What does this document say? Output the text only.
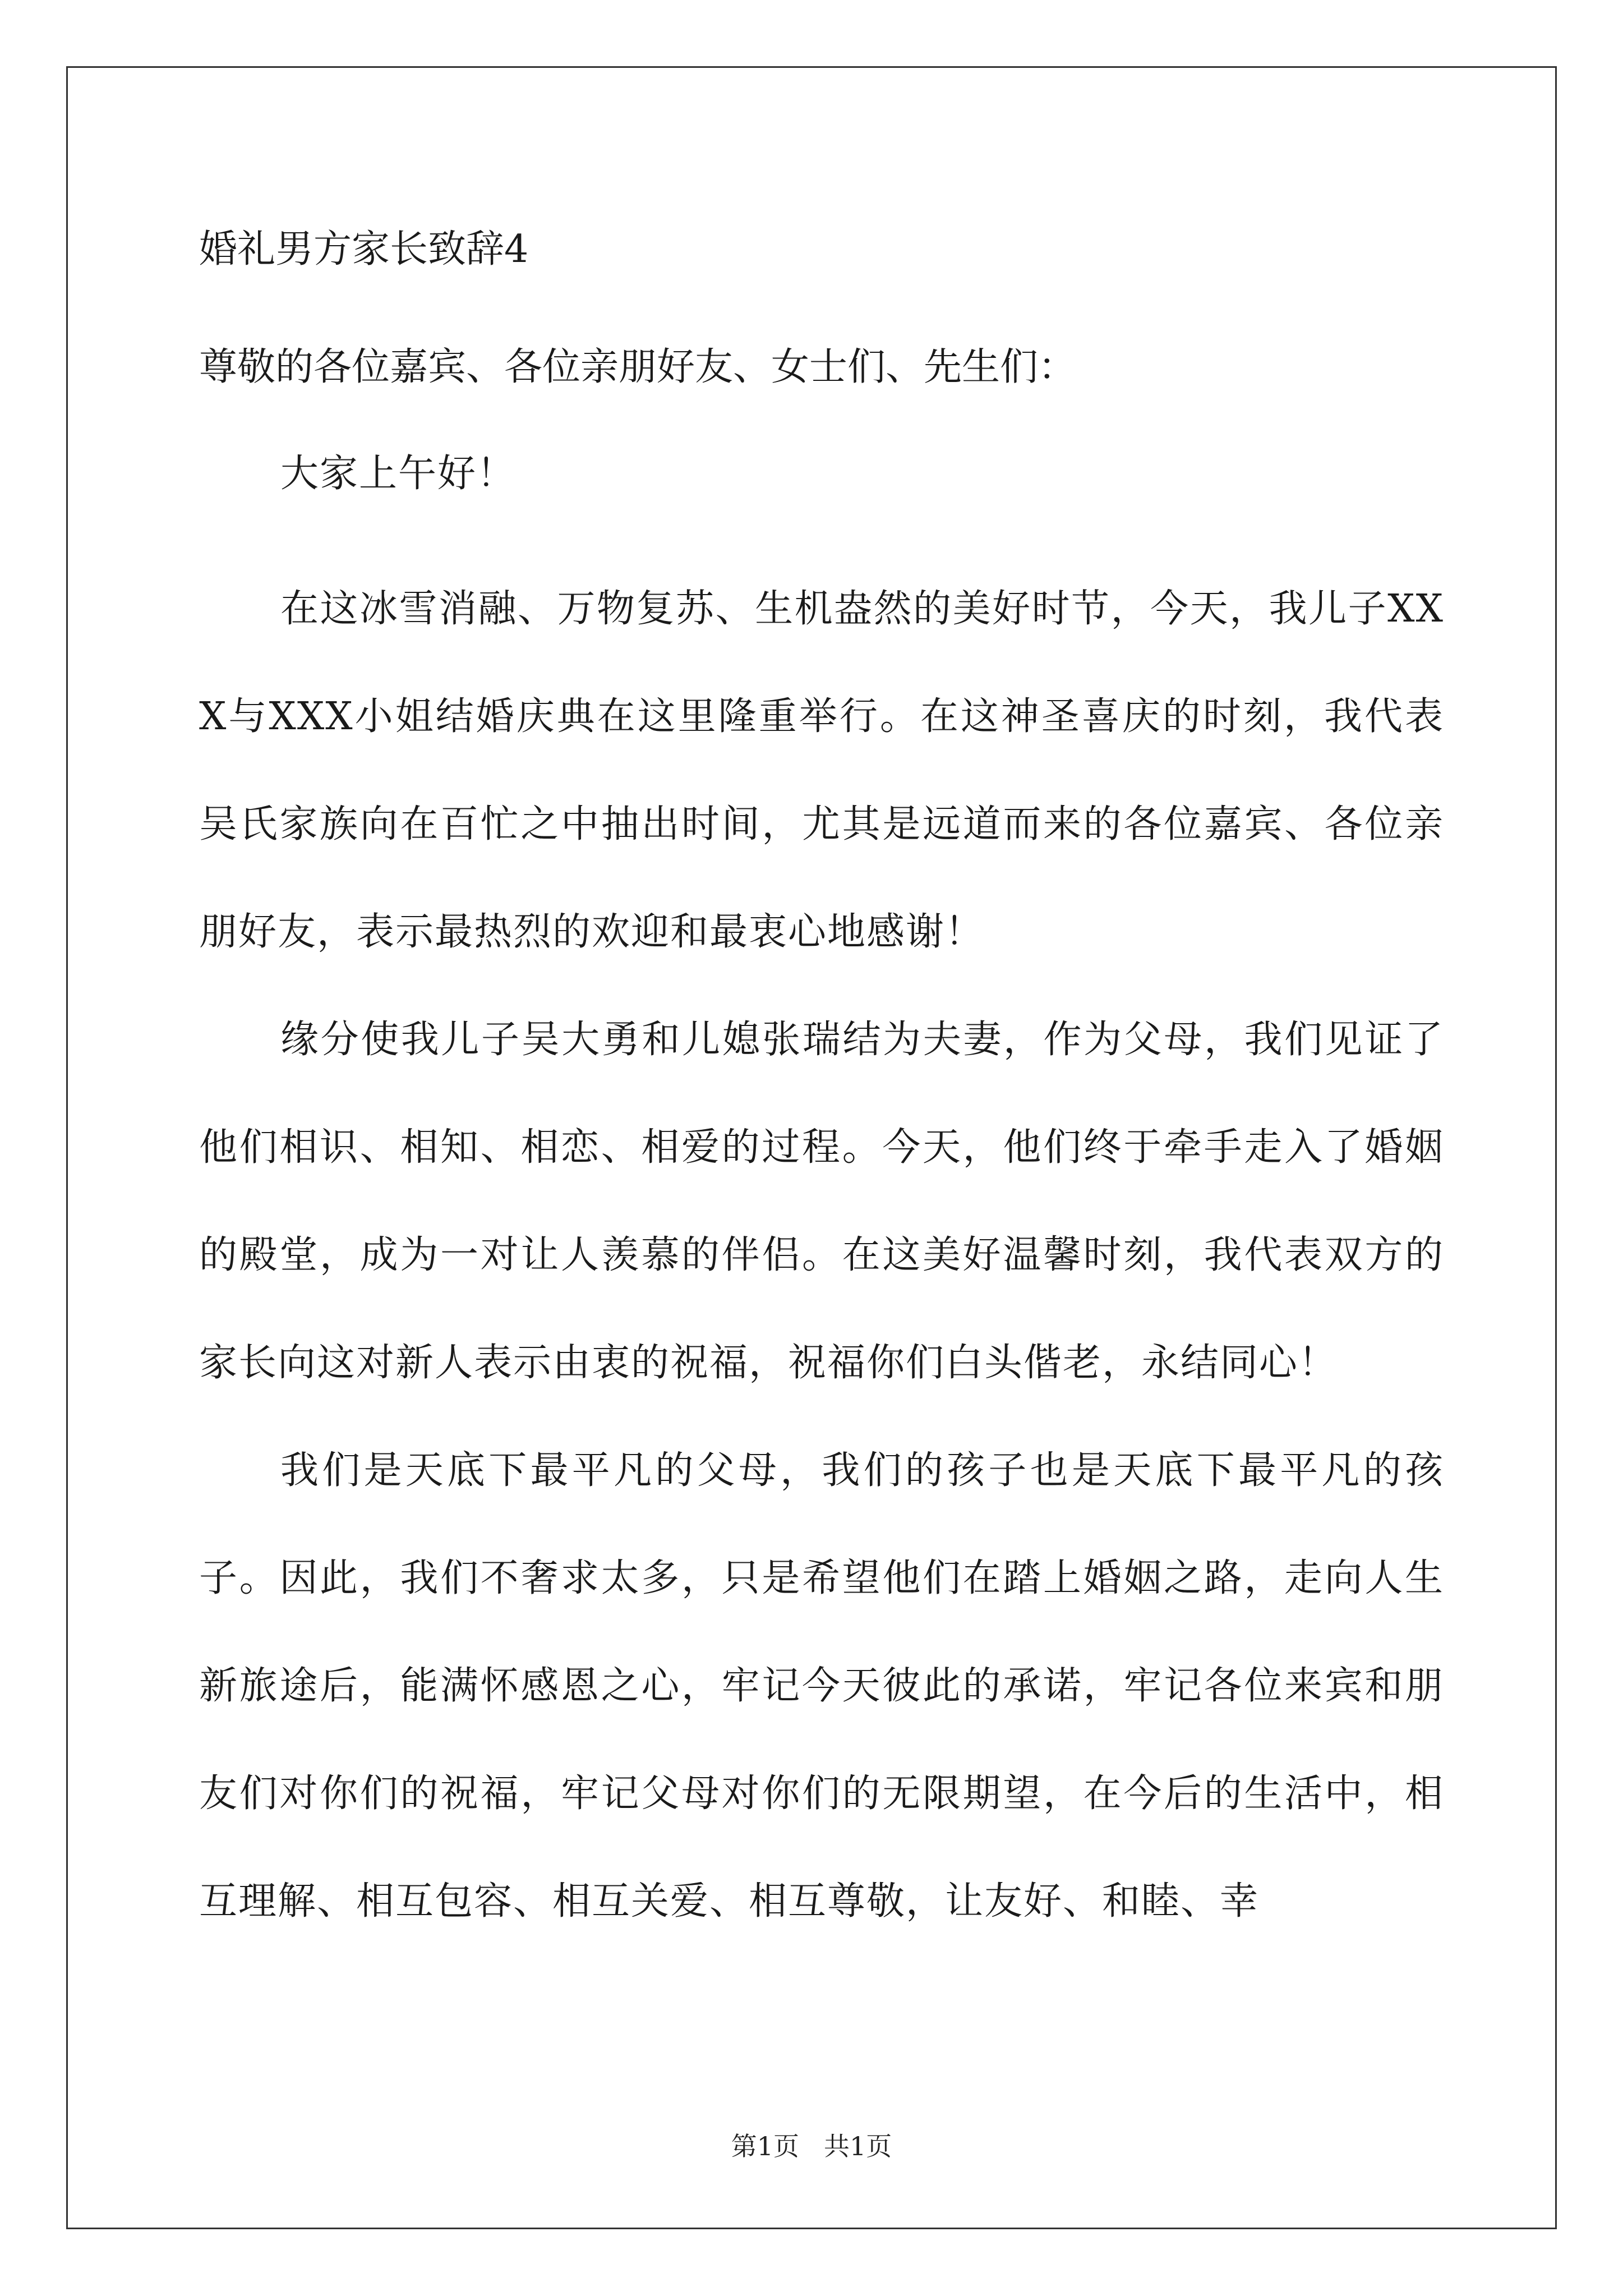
婚礼男方家长致辞4

尊敬的各位嘉宾、各位亲朋好友、女士们、先生们：

大家上午好！

在这冰雪消融、万物复苏、生机盎然的美好时节，今天，我儿子XXX与XXX小姐结婚庆典在这里隆重举行。在这神圣喜庆的时刻，我代表吴氏家族向在百忙之中抽出时间，尤其是远道而来的各位嘉宾、各位亲朋好友，表示最热烈的欢迎和最衷心地感谢！

缘分使我儿子吴大勇和儿媳张瑞结为夫妻，作为父母，我们见证了他们相识、相知、相恋、相爱的过程。今天，他们终于牵手走入了婚姻的殿堂，成为一对让人羡慕的伴侣。在这美好温馨时刻，我代表双方的家长向这对新人表示由衷的祝福，祝福你们白头偕老，永结同心！

我们是天底下最平凡的父母，我们的孩子也是天底下最平凡的孩子。因此，我们不奢求太多，只是希望他们在踏上婚姻之路，走向人生新旅途后，能满怀感恩之心，牢记今天彼此的承诺，牢记各位来宾和朋友们对你们的祝福，牢记父母对你们的无限期望，在今后的生活中，相互理解、相互包容、相互关爱、相互尊敬，让友好、和睦、幸

第1页 共1页
